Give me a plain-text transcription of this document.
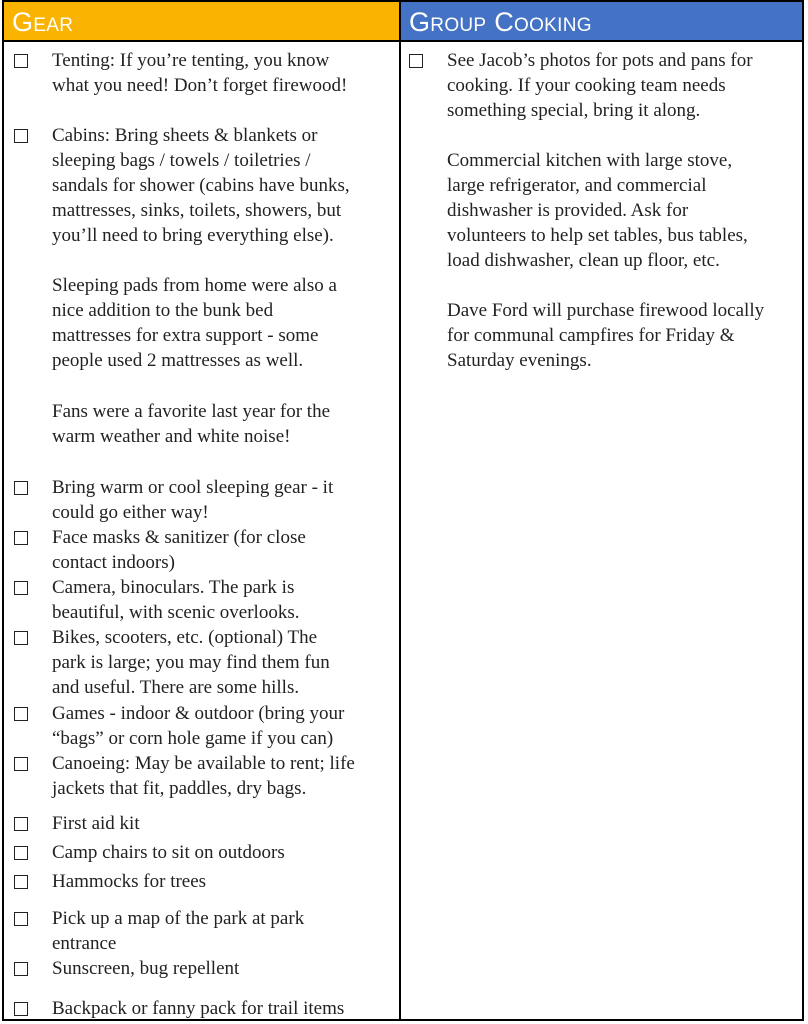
Gear
Tenting: If you’re tenting, you know
what you need! Don’t forget firewood!
Cabins: Bring sheets & blankets or
sleeping bags / towels / toiletries /
sandals for shower (cabins have bunks,
mattresses, sinks, toilets, showers, but
you’ll need to bring everything else).
Sleeping pads from home were also a
nice addition to the bunk bed
mattresses for extra support - some
people used 2 mattresses as well.
Fans were a favorite last year for the
warm weather and white noise!
Bring warm or cool sleeping gear - it
could go either way!
Face masks & sanitizer (for close
contact indoors)
Camera, binoculars. The park is
beautiful, with scenic overlooks.
Bikes, scooters, etc. (optional) The
park is large; you may find them fun
and useful. There are some hills.
Games - indoor & outdoor (bring your
“bags” or corn hole game if you can)
Canoeing: May be available to rent; life
jackets that fit, paddles, dry bags.
First aid kit
Camp chairs to sit on outdoors
Hammocks for trees
Pick up a map of the park at park
entrance
Sunscreen, bug repellent
Backpack or fanny pack for trail items
Group Cooking
See Jacob’s photos for pots and pans for
cooking. If your cooking team needs
something special, bring it along.
Commercial kitchen with large stove,
large refrigerator, and commercial
dishwasher is provided. Ask for
volunteers to help set tables, bus tables,
load dishwasher, clean up floor, etc.
Dave Ford will purchase firewood locally
for communal campfires for Friday &
Saturday evenings.
